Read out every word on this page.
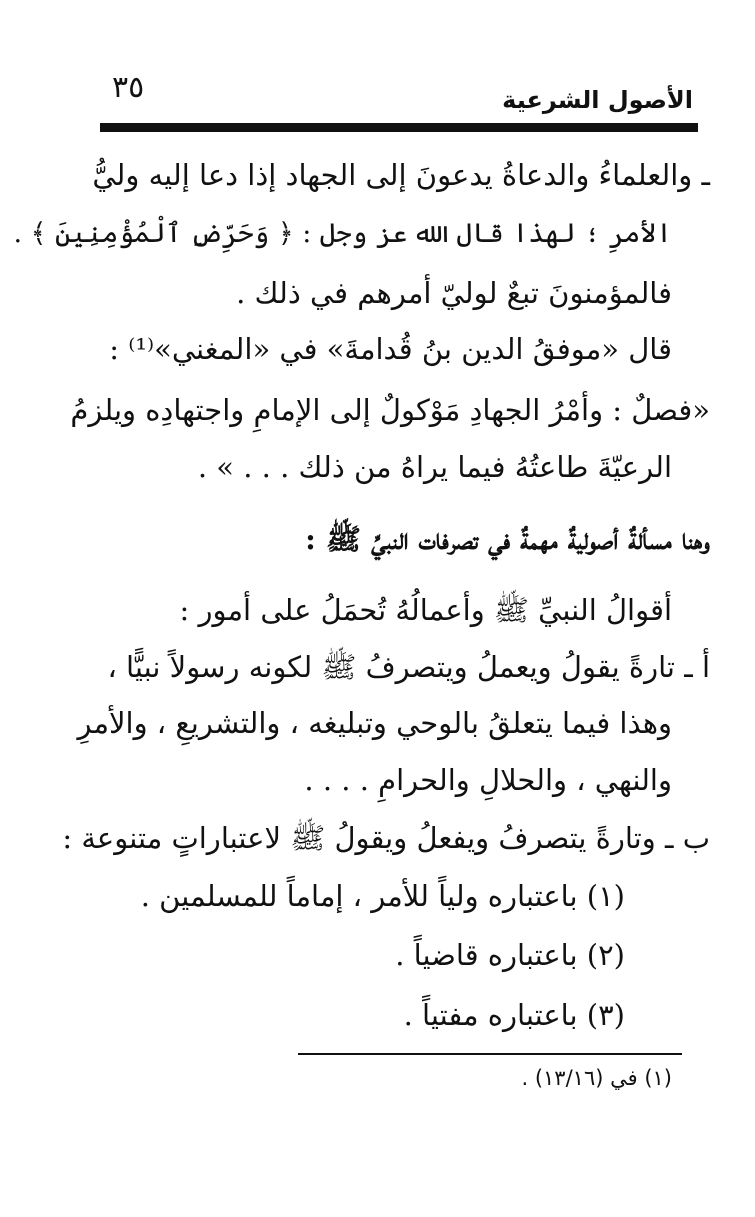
الأصول الشرعية
٣٥
ـ والعلماءُ والدعاةُ يدعونَ إلى الجهاد إذا دعا إليه وليُّ
الأمرِ ؛ لهذا قال الله عز وجل : ﴿ وَحَرِّضِ ٱلْمُؤْمِنِينَ ﴾ .
فالمؤمنونَ تبعٌ لوليّ أمرهم في ذلك .
قال «موفقُ الدين بنُ قُدامةَ» في «المغني»⁽¹⁾ :
«فصلٌ : وأمْرُ الجهادِ مَوْكولٌ إلى الإمامِ واجتهادِه ويلزمُ
الرعيّةَ طاعتُهُ فيما يراهُ من ذلك . . . » .
وهنا مسألةٌ أصوليةٌ مهمةٌ في تصرفات النبيِّ ﷺ :
أقوالُ النبيِّ ﷺ وأعمالُهُ تُحمَلُ على أمور :
أ ـ تارةً يقولُ ويعملُ ويتصرفُ ﷺ لكونه رسولاً نبيًّا ،
وهذا فيما يتعلقُ بالوحي وتبليغه ، والتشريعِ ، والأمرِ
والنهي ، والحلالِ والحرامِ . . . .
ب ـ وتارةً يتصرفُ ويفعلُ ويقولُ ﷺ لاعتباراتٍ متنوعة :
(١) باعتباره ولياً للأمر ، إماماً للمسلمين .
(٢) باعتباره قاضياً .
(٣) باعتباره مفتياً .
(١) في (١٣/١٦) .
